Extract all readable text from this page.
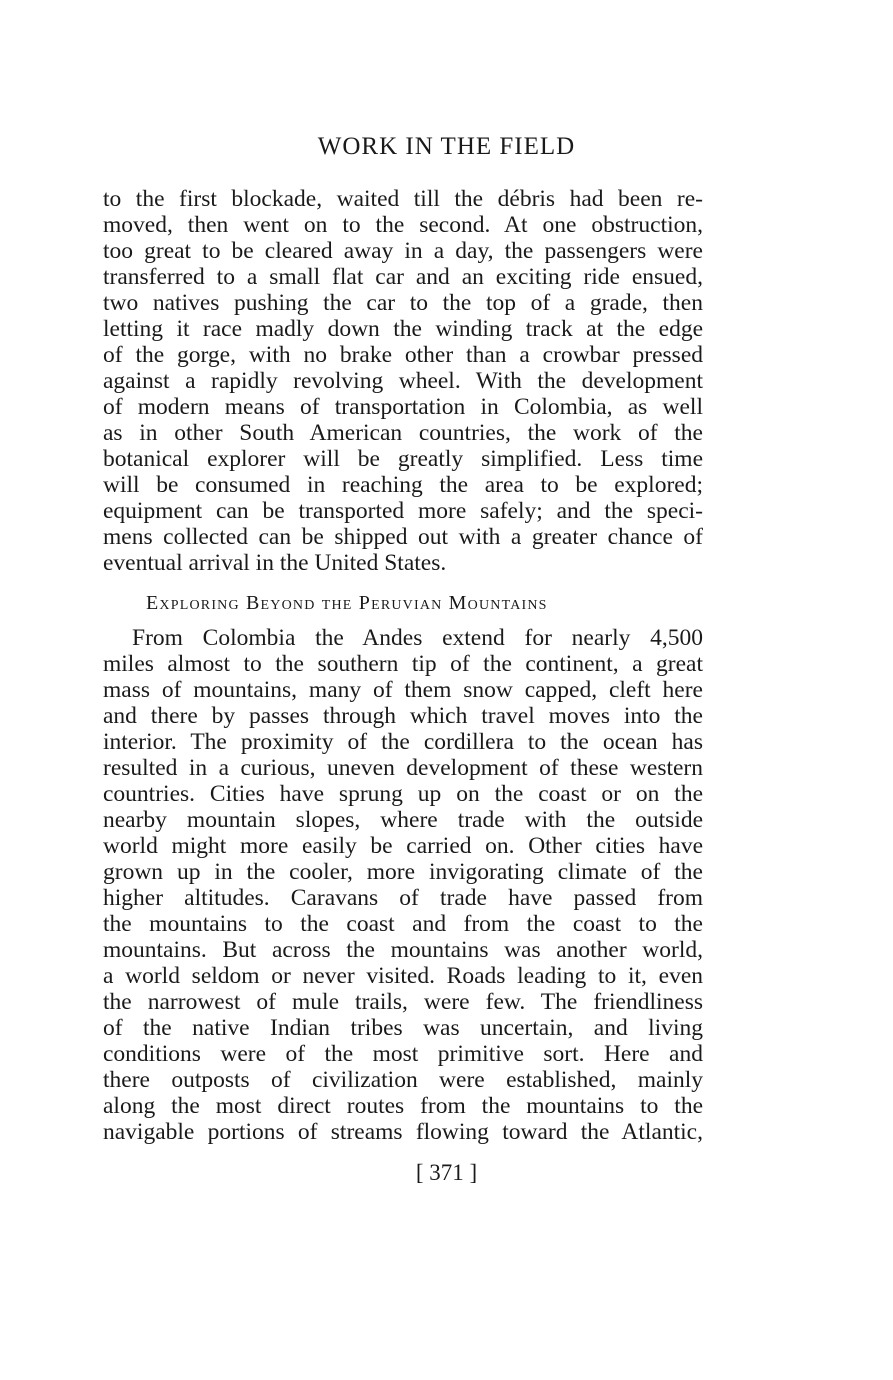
WORK IN THE FIELD
to the first blockade, waited till the débris had been re-
moved, then went on to the second. At one obstruction,
too great to be cleared away in a day, the passengers were
transferred to a small flat car and an exciting ride ensued,
two natives pushing the car to the top of a grade, then
letting it race madly down the winding track at the edge
of the gorge, with no brake other than a crowbar pressed
against a rapidly revolving wheel. With the development
of modern means of transportation in Colombia, as well
as in other South American countries, the work of the
botanical explorer will be greatly simplified. Less time
will be consumed in reaching the area to be explored;
equipment can be transported more safely; and the speci-
mens collected can be shipped out with a greater chance of
eventual arrival in the United States.
Exploring Beyond the Peruvian Mountains
From Colombia the Andes extend for nearly 4,500
miles almost to the southern tip of the continent, a great
mass of mountains, many of them snow capped, cleft here
and there by passes through which travel moves into the
interior. The proximity of the cordillera to the ocean has
resulted in a curious, uneven development of these western
countries. Cities have sprung up on the coast or on the
nearby mountain slopes, where trade with the outside
world might more easily be carried on. Other cities have
grown up in the cooler, more invigorating climate of the
higher altitudes. Caravans of trade have passed from
the mountains to the coast and from the coast to the
mountains. But across the mountains was another world,
a world seldom or never visited. Roads leading to it, even
the narrowest of mule trails, were few. The friendliness
of the native Indian tribes was uncertain, and living
conditions were of the most primitive sort. Here and
there outposts of civilization were established, mainly
along the most direct routes from the mountains to the
navigable portions of streams flowing toward the Atlantic,
[ 371 ]
